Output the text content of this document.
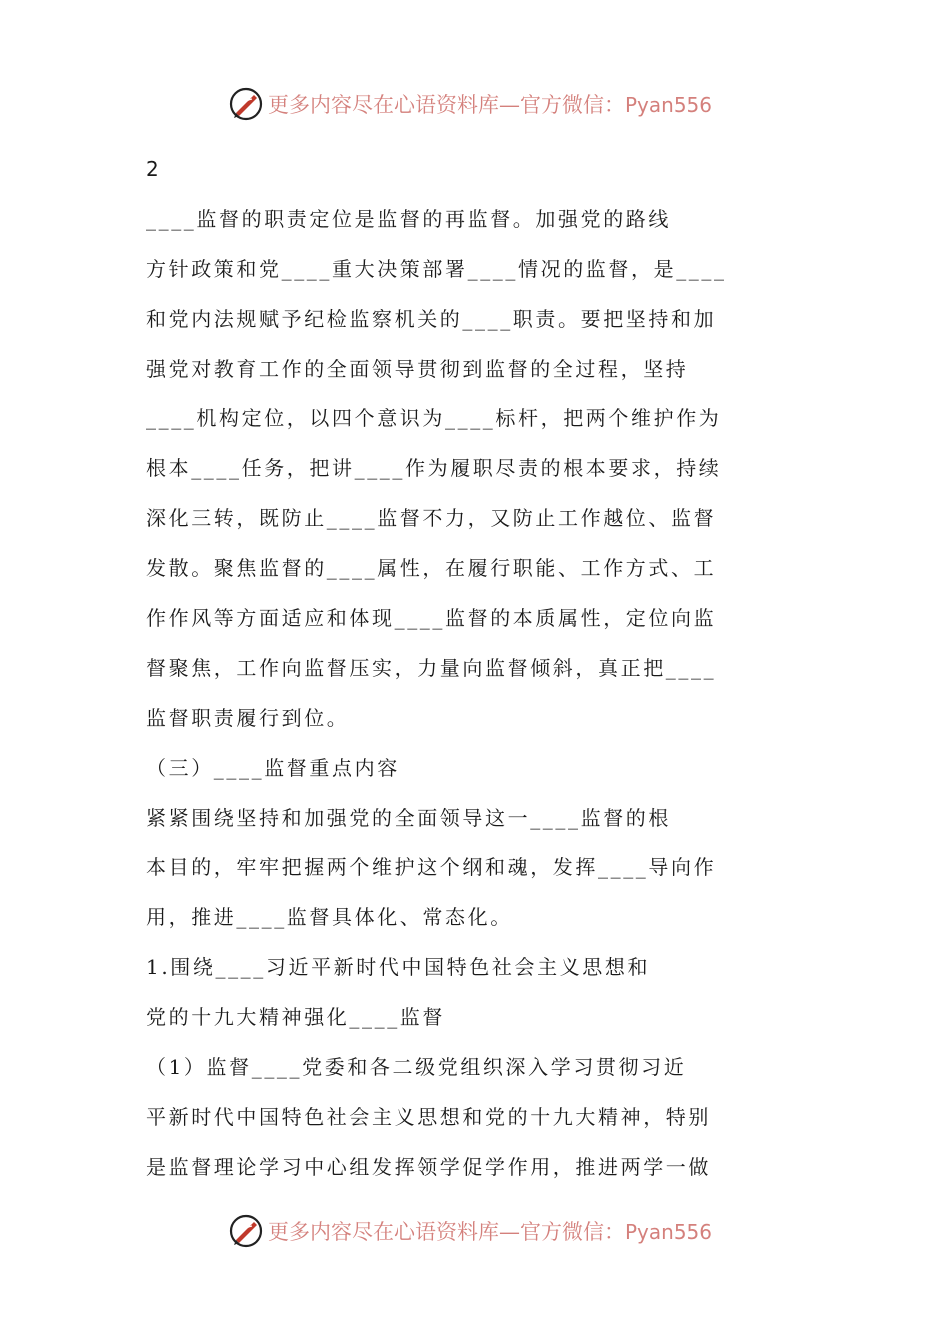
更多内容尽在心语资料库—官方微信：Pyan556
2
____监督的职责定位是监督的再监督。加强党的路线
方针政策和党____重大决策部署____情况的监督，是____
和党内法规赋予纪检监察机关的____职责。要把坚持和加
强党对教育工作的全面领导贯彻到监督的全过程，坚持
____机构定位，以四个意识为____标杆，把两个维护作为
根本____任务，把讲____作为履职尽责的根本要求，持续
深化三转，既防止____监督不力，又防止工作越位、监督
发散。聚焦监督的____属性，在履行职能、工作方式、工
作作风等方面适应和体现____监督的本质属性，定位向监
督聚焦，工作向监督压实，力量向监督倾斜，真正把____
监督职责履行到位。
（三）____监督重点内容
紧紧围绕坚持和加强党的全面领导这一____监督的根
本目的，牢牢把握两个维护这个纲和魂，发挥____导向作
用，推进____监督具体化、常态化。
1.围绕____习近平新时代中国特色社会主义思想和
党的十九大精神强化____监督
（1）监督____党委和各二级党组织深入学习贯彻习近
平新时代中国特色社会主义思想和党的十九大精神，特别
是监督理论学习中心组发挥领学促学作用，推进两学一做
更多内容尽在心语资料库—官方微信：Pyan556
